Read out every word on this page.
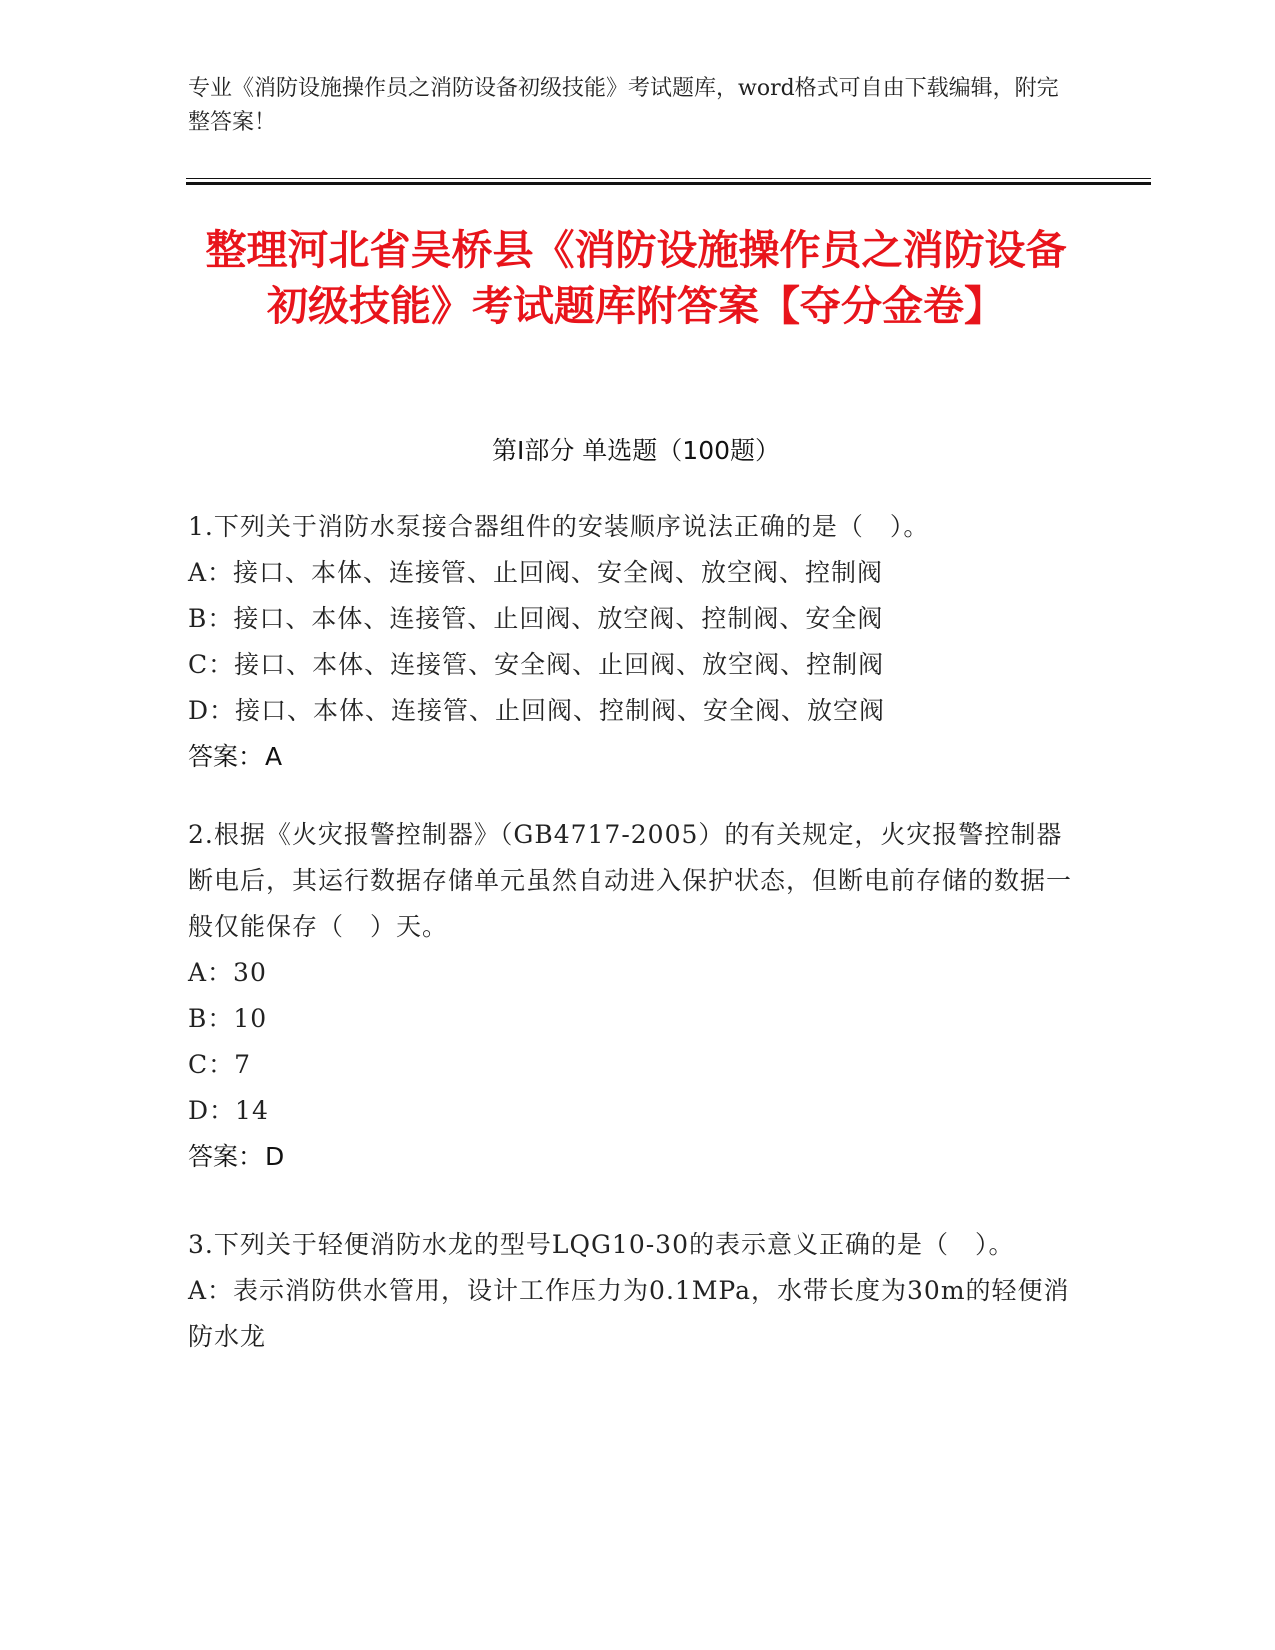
专业《消防设施操作员之消防设备初级技能》考试题库，word格式可自由下载编辑，附完整答案！
整理河北省吴桥县《消防设施操作员之消防设备初级技能》考试题库附答案【夺分金卷】
第Ⅰ部分 单选题（100题）
1.下列关于消防水泵接合器组件的安装顺序说法正确的是（　）。
A：接口、本体、连接管、止回阀、安全阀、放空阀、控制阀
B：接口、本体、连接管、止回阀、放空阀、控制阀、安全阀
C：接口、本体、连接管、安全阀、止回阀、放空阀、控制阀
D：接口、本体、连接管、止回阀、控制阀、安全阀、放空阀
答案：A
2.根据《火灾报警控制器》（GB4717-2005）的有关规定，火灾报警控制器断电后，其运行数据存储单元虽然自动进入保护状态，但断电前存储的数据一般仅能保存（　）天。
A：30
B：10
C：7
D：14
答案：D
3.下列关于轻便消防水龙的型号LQG10-30的表示意义正确的是（　）。
A：表示消防供水管用，设计工作压力为0.1MPa，水带长度为30m的轻便消防水龙
